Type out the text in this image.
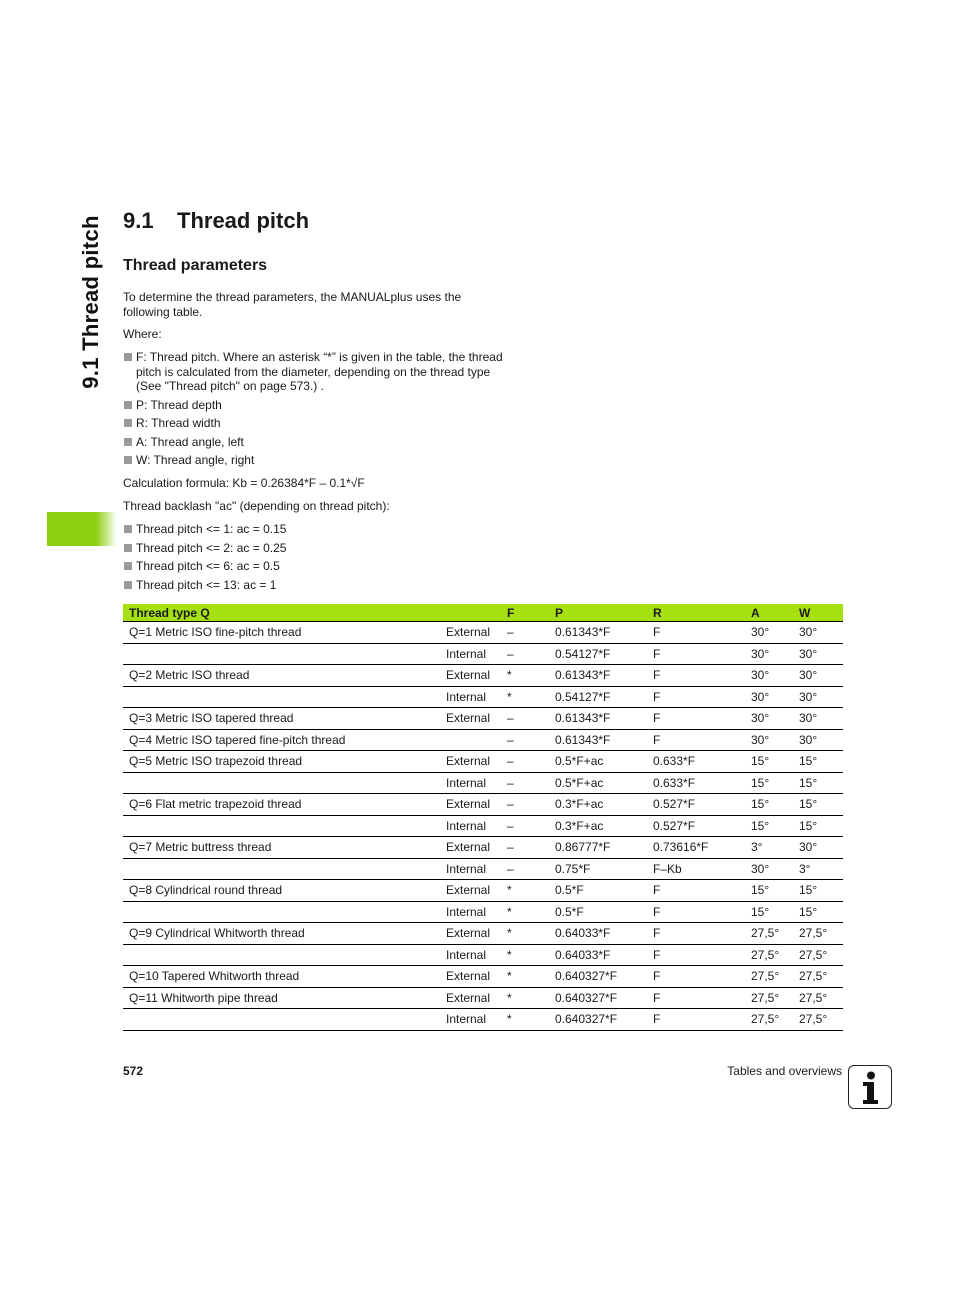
9.1 Thread pitch 9.1 Thread pitch
Thread parameters

To determine the thread parameters, the MANUALplus uses the following table.

Where:

F: Thread pitch. Where an asterisk “*” is given in the table, the thread pitch is calculated from the diameter, depending on the thread type (See "Thread pitch" on page 573.) .
P: Thread depth
R: Thread width
A: Thread angle, left
W: Thread angle, right

Calculation formula: Kb = 0.26384*F – 0.1*√F

Thread backlash "ac" (depending on thread pitch):

Thread pitch <= 1: ac = 0.15
Thread pitch <= 2: ac = 0.25
Thread pitch <= 6: ac = 0.5
Thread pitch <= 13: ac = 1
Thread type Q		F	P	R	A	W
Q=1 Metric ISO fine-pitch thread	External	–	0.61343*F	F	30°	30°
	Internal	–	0.54127*F	F	30°	30°
Q=2 Metric ISO thread	External	*	0.61343*F	F	30°	30°
	Internal	*	0.54127*F	F	30°	30°
Q=3 Metric ISO tapered thread	External	–	0.61343*F	F	30°	30°
Q=4 Metric ISO tapered fine-pitch thread		–	0.61343*F	F	30°	30°
Q=5 Metric ISO trapezoid thread	External	–	0.5*F+ac	0.633*F	15°	15°
	Internal	–	0.5*F+ac	0.633*F	15°	15°
Q=6 Flat metric trapezoid thread	External	–	0.3*F+ac	0.527*F	15°	15°
	Internal	–	0.3*F+ac	0.527*F	15°	15°
Q=7 Metric buttress thread	External	–	0.86777*F	0.73616*F	3°	30°
	Internal	–	0.75*F	F–Kb	30°	3°
Q=8 Cylindrical round thread	External	*	0.5*F	F	15°	15°
	Internal	*	0.5*F	F	15°	15°
Q=9 Cylindrical Whitworth thread	External	*	0.64033*F	F	27,5°	27,5°
	Internal	*	0.64033*F	F	27,5°	27,5°
Q=10 Tapered Whitworth thread	External	*	0.640327*F	F	27,5°	27,5°
Q=11 Whitworth pipe thread	External	*	0.640327*F	F	27,5°	27,5°
	Internal	*	0.640327*F	F	27,5°	27,5°
572	Tables and overviews
